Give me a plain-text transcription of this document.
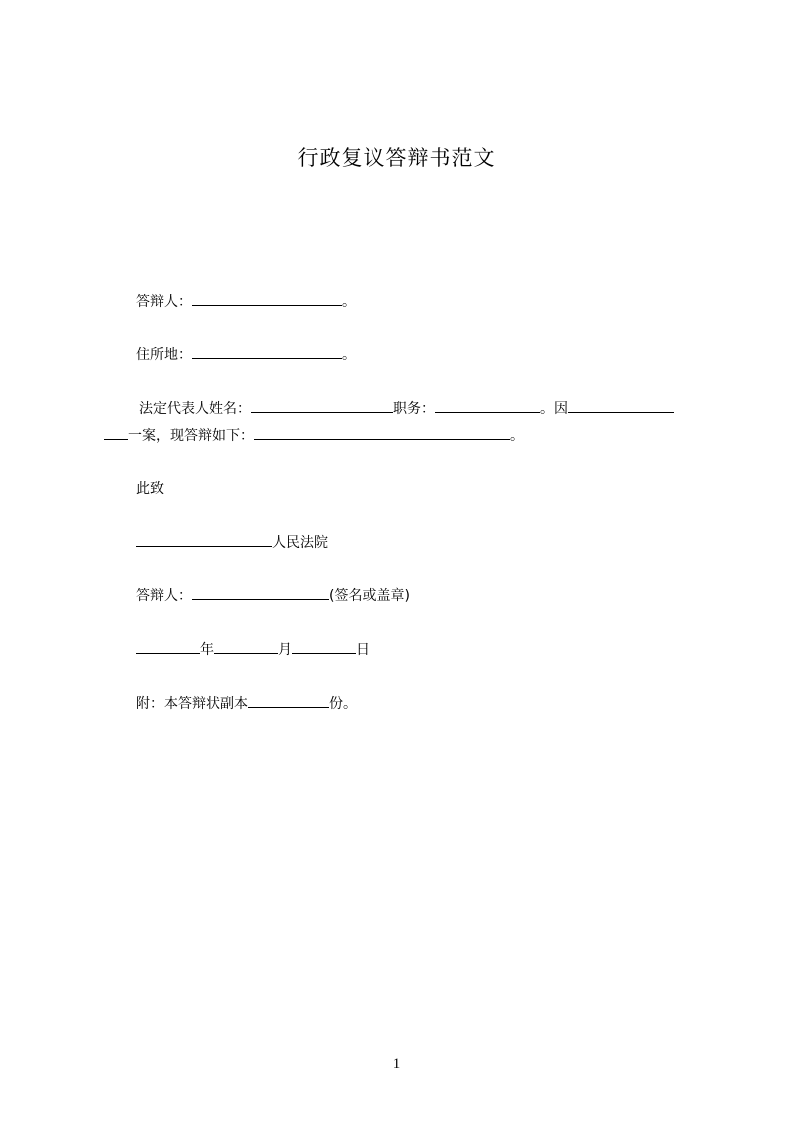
行政复议答辩书范文
答辩人：	。
住所地：	。
法定代表人姓名：	职务：	。因
一案，现答辩如下：	。
此致
人民法院
答辩人：	(签名或盖章)
年	月	日
附：本答辩状副本	份。
1
